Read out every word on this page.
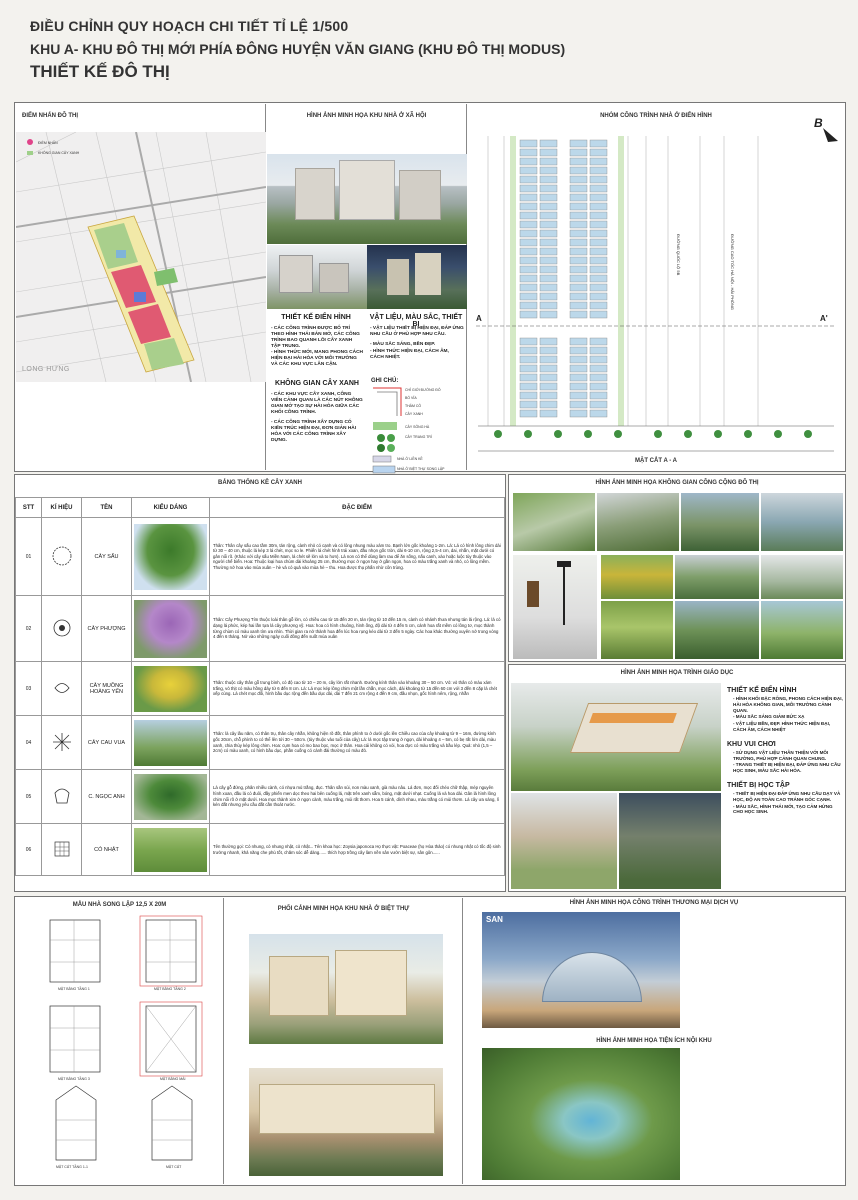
ĐIỀU CHỈNH QUY HOẠCH CHI TIẾT TỈ LỆ 1/500
KHU A- KHU ĐÔ THỊ MỚI PHÍA ĐÔNG HUYỆN VĂN GIANG (KHU ĐÔ THỊ MODUS)
THIẾT KẾ ĐÔ THỊ
ĐIỂM NHẤN ĐÔ THỊ
ĐIỂM NHẤN
KHÔNG GIAN CÂY XANH
LONG HƯNG
HÌNH ẢNH MINH HỌA KHU NHÀ Ở XÃ HỘI
THIẾT KẾ ĐIỂN HÌNH
- CÁC CÔNG TRÌNH ĐƯỢC BỐ TRÍ THEO HÌNH THÁI BÁN MỞ, CÁC CÔNG TRÌNH BAO QUANH LÕI CÂY XANH TẬP TRUNG.
- HÌNH THỨC MỚI, MANG PHONG CÁCH HIỆN ĐẠI HÀI HÒA VỚI MÔI TRƯỜNG VÀ CÁC KHU VỰC LÂN CẬN.
KHÔNG GIAN CÂY XANH
- CÁC KHU VỰC CÂY XANH, CÔNG VIÊN CẢNH QUAN LÀ CÁC NÚT KHÔNG GIAN MỞ TẠO SỰ HÀI HÒA GIỮA CÁC KHỐI CÔNG TRÌNH.
- CÁC CÔNG TRÌNH XÂY DỰNG CÓ KIẾN TRÚC HIỆN ĐẠI, ĐƠN GIẢN HÀI HÒA VỚI CÁC CÔNG TRÌNH XÂY DỰNG.
VẬT LIỆU, MÀU SẮC, THIẾT BỊ
- VẬT LIỆU THIẾT BỊ HIỆN ĐẠI, ĐÁP ỨNG NHU CẦU Ở PHÙ HỢP NHU CẦU.
- MÀU SẮC SÁNG, BỀN ĐẸP.
- HÌNH THỨC HIỆN ĐẠI, CÁCH ÂM, CÁCH NHIỆT.
GHI CHÚ:
CHỈ GIỚI ĐƯỜNG ĐỎ
BÓ VỈA
THẢM CỎ
CÂY XANH
CÂY SÔNG HÀ
CÂY TRANG TRÍ
NHÀ Ở LIỀN KỀ
NHÀ Ở BIỆT THỰ SONG LẬP
NHÓM CÔNG TRÌNH NHÀ Ở ĐIỂN HÌNH	B
A	A'
ĐƯỜNG QUỐC LỘ 5B	ĐƯỜNG CAO TỐC HÀ NỘI - HẢI PHÒNG
MẶT CẮT A - A
BẢNG THỐNG KÊ CÂY XANH
STT	KÍ HIỆU	TÊN	KIỂU DÁNG	ĐẶC ĐIỂM
01		CÂY SẤU		Thân: Thân cây sấu cao tầm 30m, tán rộng, cành nhỏ có cạnh và có lông nhung màu xám tro. Bạnh lớn gốc khoảng 1-2m. Lá: Lá có hình lông chim dài từ 30 – 40 cm, thuộc lá kép 3 lá chét, mọc so le. Phiến lá chét hình trái xoan, đầu nhọn gốc tròn, dài 6-10 cm, rộng 2,5-4 cm, dai, nhẵn, mặt dưới có gân nổi rõ. (Khác với cây sấu Miền Nam, lá chét sẽ lớn và to hơn). Lá non có thể dùng làm rau để ăn sống, nấu canh, xào hoặc luộc tùy thuộc vào người chế biến. Hoa: Thuộc loại hoa chùm dài khoảng 25 cm, thường mọc ở ngọn hay ở gần ngọn, hoa có màu trắng xanh và nhỏ, có lông mềm. Thường nở hoa vào mùa xuân – hè và có quả vào mùa hè – thu. Hoa được thụ phấn nhờ côn trùng.
02		CÂY PHƯỢNG		Thân: Cây Phượng Tím thuộc loài thân gỗ lớn, có chiều cao từ 15 đến 20 m, tán rộng từ 10 đến 15 m, cành có nhánh thưa nhưng tán lá rộng. Lá: lá có dạng lá phức, kép hai lần tựa lá cây phượng vỹ. Hoa: hoa có hình chuông, hình ống, độ dài từ 4 đến 5 cm, cánh hoa rất mềm có lông tơ, mọc thành từng chùm có màu xanh tím ưa nhìn. Thời gian ra nở thành hoa đến lúc hoa rụng kéo dài từ 3 đến 5 ngày. Các hoa khác thường xuyên nở trong vòng 4 đến 6 tháng. Nở vào những ngày cuối đông đến suốt mùa xuân
03		CÂY MUỒNG HOÀNG YẾN		Thân: thuộc cây thân gỗ trung bình, có độ cao từ 10 – 20 m, cây lớn rất nhanh. Đường kính thân vào khoảng 30 – 50 cm. Vỏ: vỏ thân có màu xám trắng, vỏ thịt có màu hồng dày từ 6 đến 8 cm. Lá: Lá mọc kép lông chim một lần chẵn, mọc cách, dài khoảng từ 15 đến 60 cm với 3 đến 8 cặp lá chét xếp cùng. Lá chét mọc đối, hình bầu dục rộng đến bầu dục dài, dài 7 đến 21 cm rộng 4 đến 9 cm, đầu nhọn, gốc hình nêm, rộng, nhẵn
04		CÂY CAU VUA		Thân: là cây lâu năm, có thân trụ, thân cây nhẵn, không hiện rõ đốt, thân phình to ở dưới gốc lên Chiều cao của cây khoảng từ 9 – 16m, đường kính gốc 20cm, chỗ phình to có thể lên tới 30 – 50cm. (tùy thuộc vào tuổi của cây) Lá: lá mọc tập trung ở ngọn, dài khoảng 4 – 5m, có bẹ rất lớn dài, màu xanh, chia thùy kép lông chim. Hoa: cụm hoa có mo bao bọc, mọc ở thân. Hoa cái không có vòi, hoa đực có màu trắng và bầu lép. Quả: nhỏ (1,5 – 2cm) có màu xanh, có hình bầu dục, phần cuống có cánh đài thường có màu đỏ.
05		C. NGỌC ANH		Là cây gỗ đứng, phân nhiều cành, có nhựa mủ trắng, đục. Thân sần sùi, non màu xanh, già màu nâu. Lá đơn, mọc đối chéo chữ thập, mép nguyên hình xoan, đầu lá có đuôi, đầy phiến men dọc theo hai bên cuống lá, mặt trên xanh sẫm, bóng, mặt dưới nhạt. Cuống lá và hoa dài. Gân lá hình lông chim nổi rõ ở mặt dưới. Hoa mọc thành xim ở ngọn cành, màu trắng, mùi rất thơm. Hoa 5 cánh, dính nhau, màu trắng có mùi thơm. Lá cây ưa sáng, lí kén đất nhưng yêu cầu đất cần thoát nước.
06		CỎ NHẬT		Tên thường gọi: Cỏ nhung, cỏ nhung nhật, cỏ nhật... Tên khoa học: Zoysia japonoca Họ thực vật: Poaceae (họ Hòa thảo) có nhung nhật có tốc độ sinh trưởng nhanh, khả năng che phủ tốt, chăm sóc dễ dàng...... thích hợp trồng cây làm nền sân vườn biệt sự, sân gôn......
HÌNH ẢNH MINH HỌA KHÔNG GIAN CÔNG CỘNG ĐÔ THỊ
HÌNH ẢNH MINH HỌA TRÌNH GIÁO DỤC
THIẾT KẾ ĐIỂN HÌNH
- HÌNH KHỐI ĐẶC RỖNG, PHONG CÁCH HIỆN ĐẠI, HÀI HÒA KHÔNG GIAN, MÔI TRƯỜNG CẢNH QUAN.
- MÀU SẮC SÁNG GIẢM BỨC XẠ
- VẬT LIỆU BỀN, ĐẸP. HÌNH THỨC HIỆN ĐẠI, CÁCH ÂM, CÁCH NHIỆT
KHU VUI CHƠI
- SỬ DỤNG VẬT LIỆU THÂN THIỆN VỚI MÔI TRƯỜNG, PHÙ HỢP CẢNH QUAN CHUNG.
- TRANG THIẾT BỊ HIỆN ĐẠI, ĐÁP ỨNG NHU CẦU HỌC SINH, MÀU SẮC HÀI HÒA.
THIẾT BỊ HỌC TẬP
- THIẾT BỊ HIỆN ĐẠI ĐÁP ỨNG NHU CẦU DẠY VÀ HỌC, ĐỘ AN TOÀN CAO TRÁNH GÓC CẠNH.
- MÀU SẮC, HÌNH THÁI MỚI, TẠO CẢM HỨNG CHO HỌC SINH.
MẪU NHÀ SONG LẬP 12,5 X 20M
MẶT BẰNG TẦNG 1	MẶT BẰNG TẦNG 2
MẶT BẰNG TẦNG 3	MẶT BẰNG MÁI
MẶT CẮT TẦNG 1-1	MẶT CẮT
PHỐI CẢNH MINH HỌA KHU NHÀ Ở BIỆT THỰ
HÌNH ẢNH MINH HỌA CÔNG TRÌNH THƯƠNG MẠI DỊCH VỤ
SAN
HÌNH ẢNH MINH HỌA TIỆN ÍCH NỘI KHU
